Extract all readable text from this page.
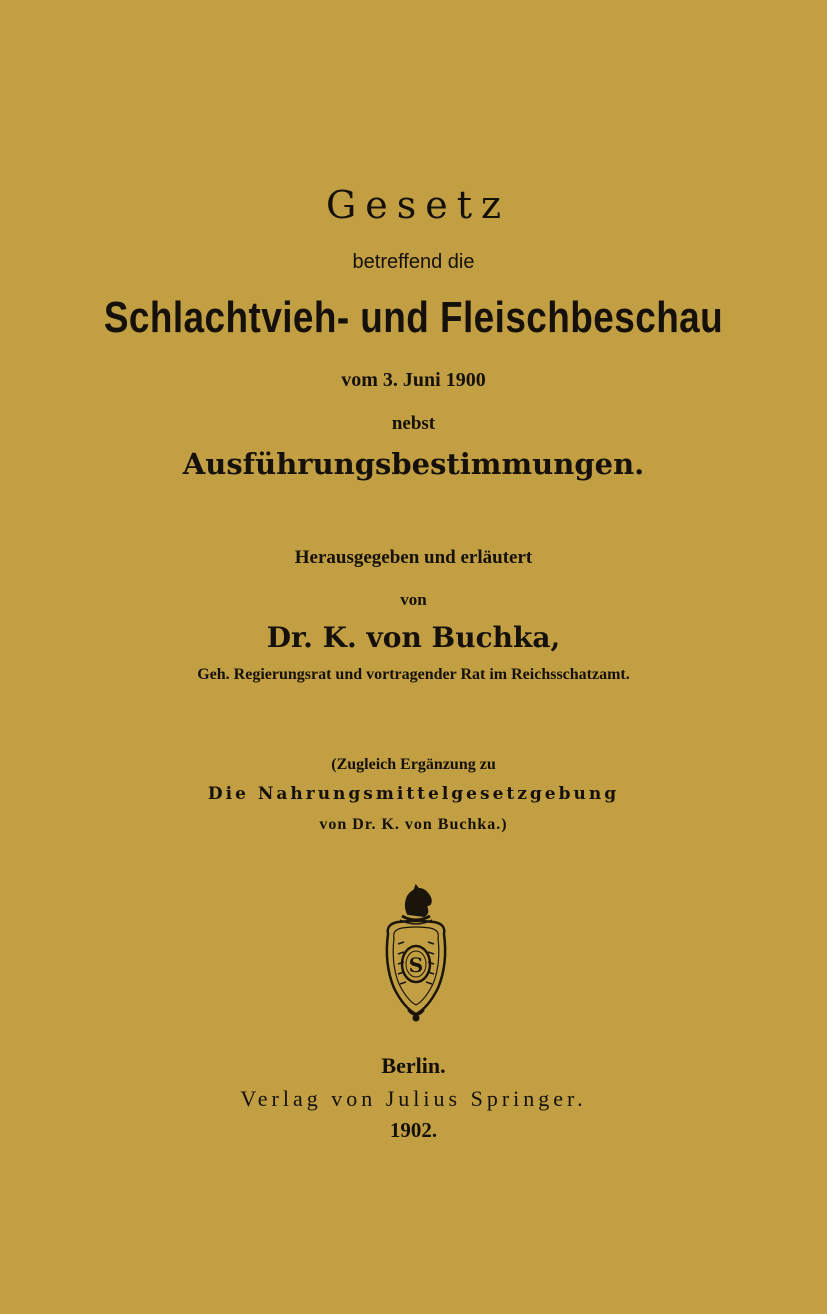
Gesetz
betreffend die
Schlachtvieh- und Fleischbeschau
vom 3. Juni 1900
nebst
Ausführungsbestimmungen.
Herausgegeben und erläutert
von
Dr. K. von Buchka,
Geh. Regierungsrat und vortragender Rat im Reichsschatzamt.
(Zugleich Ergänzung zu
Die Nahrungsmittelgesetzgebung
von Dr. K. von Buchka.)
S
Berlin.
Verlag von Julius Springer.
1902.
